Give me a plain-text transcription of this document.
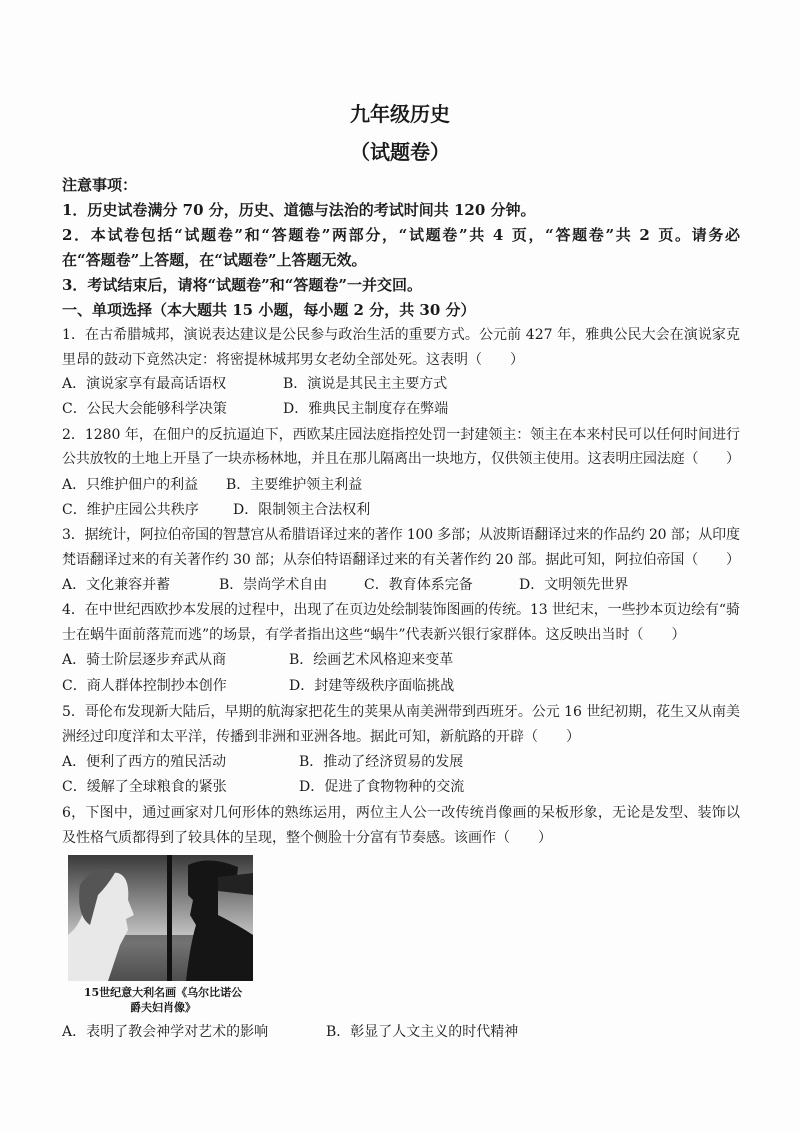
九年级历史
（试题卷）
注意事项：
1．历史试卷满分 70 分，历史、道德与法治的考试时间共 120 分钟。
2．本试卷包括“试题卷”和“答题卷”两部分，“试题卷”共 4 页，“答题卷”共 2 页。请务必
在“答题卷”上答题，在“试题卷”上答题无效。
3．考试结束后，请将“试题卷”和“答题卷”一并交回。
一、单项选择（本大题共 15 小题，每小题 2 分，共 30 分）
1．在古希腊城邦，演说表达建议是公民参与政治生活的重要方式。公元前 427 年，雅典公民大会在演说家克
里昂的鼓动下竟然决定：将密提林城邦男女老幼全部处死。这表明（　　）
A．演说家享有最高话语权	B．演说是其民主主要方式
C．公民大会能够科学决策	D．雅典民主制度存在弊端
2．1280 年，在佃户的反抗逼迫下，西欧某庄园法庭指控处罚一封建领主：领主在本来村民可以任何时间进行
公共放牧的土地上开垦了一块赤杨林地，并且在那儿隔离出一块地方，仅供领主使用。这表明庄园法庭（　　）
A．只维护佃户的利益 B．主要维护领主利益
C．维护庄园公共秩序 D．限制领主合法权利
3．据统计，阿拉伯帝国的智慧宫从希腊语译过来的著作 100 多部；从波斯语翻译过来的作品约 20 部；从印度
梵语翻译过来的有关著作约 30 部；从奈伯特语翻译过来的有关著作约 20 部。据此可知，阿拉伯帝国（　　）
A．文化兼容并蓄	B．崇尚学术自由	C．教育体系完备	D．文明领先世界
4．在中世纪西欧抄本发展的过程中，出现了在页边处绘制装饰图画的传统。13 世纪末，一些抄本页边绘有“骑
士在蜗牛面前落荒而逃”的场景，有学者指出这些“蜗牛”代表新兴银行家群体。这反映出当时（　　）
A．骑士阶层逐步弃武从商	B．绘画艺术风格迎来变革
C．商人群体控制抄本创作	D．封建等级秩序面临挑战
5．哥伦布发现新大陆后，早期的航海家把花生的荚果从南美洲带到西班牙。公元 16 世纪初期，花生又从南美
洲经过印度洋和太平洋，传播到非洲和亚洲各地。据此可知，新航路的开辟（　　）
A．便利了西方的殖民活动	B．推动了经济贸易的发展
C．缓解了全球粮食的紧张	D．促进了食物物种的交流
6，下图中，通过画家对几何形体的熟练运用，两位主人公一改传统肖像画的呆板形象，无论是发型、装饰以
及性格气质都得到了较具体的呈现，整个侧脸十分富有节奏感。该画作（　　）
15世纪意大利名画《乌尔比诺公
爵夫妇肖像》
A．表明了教会神学对艺术的影响	B．彰显了人文主义的时代精神
